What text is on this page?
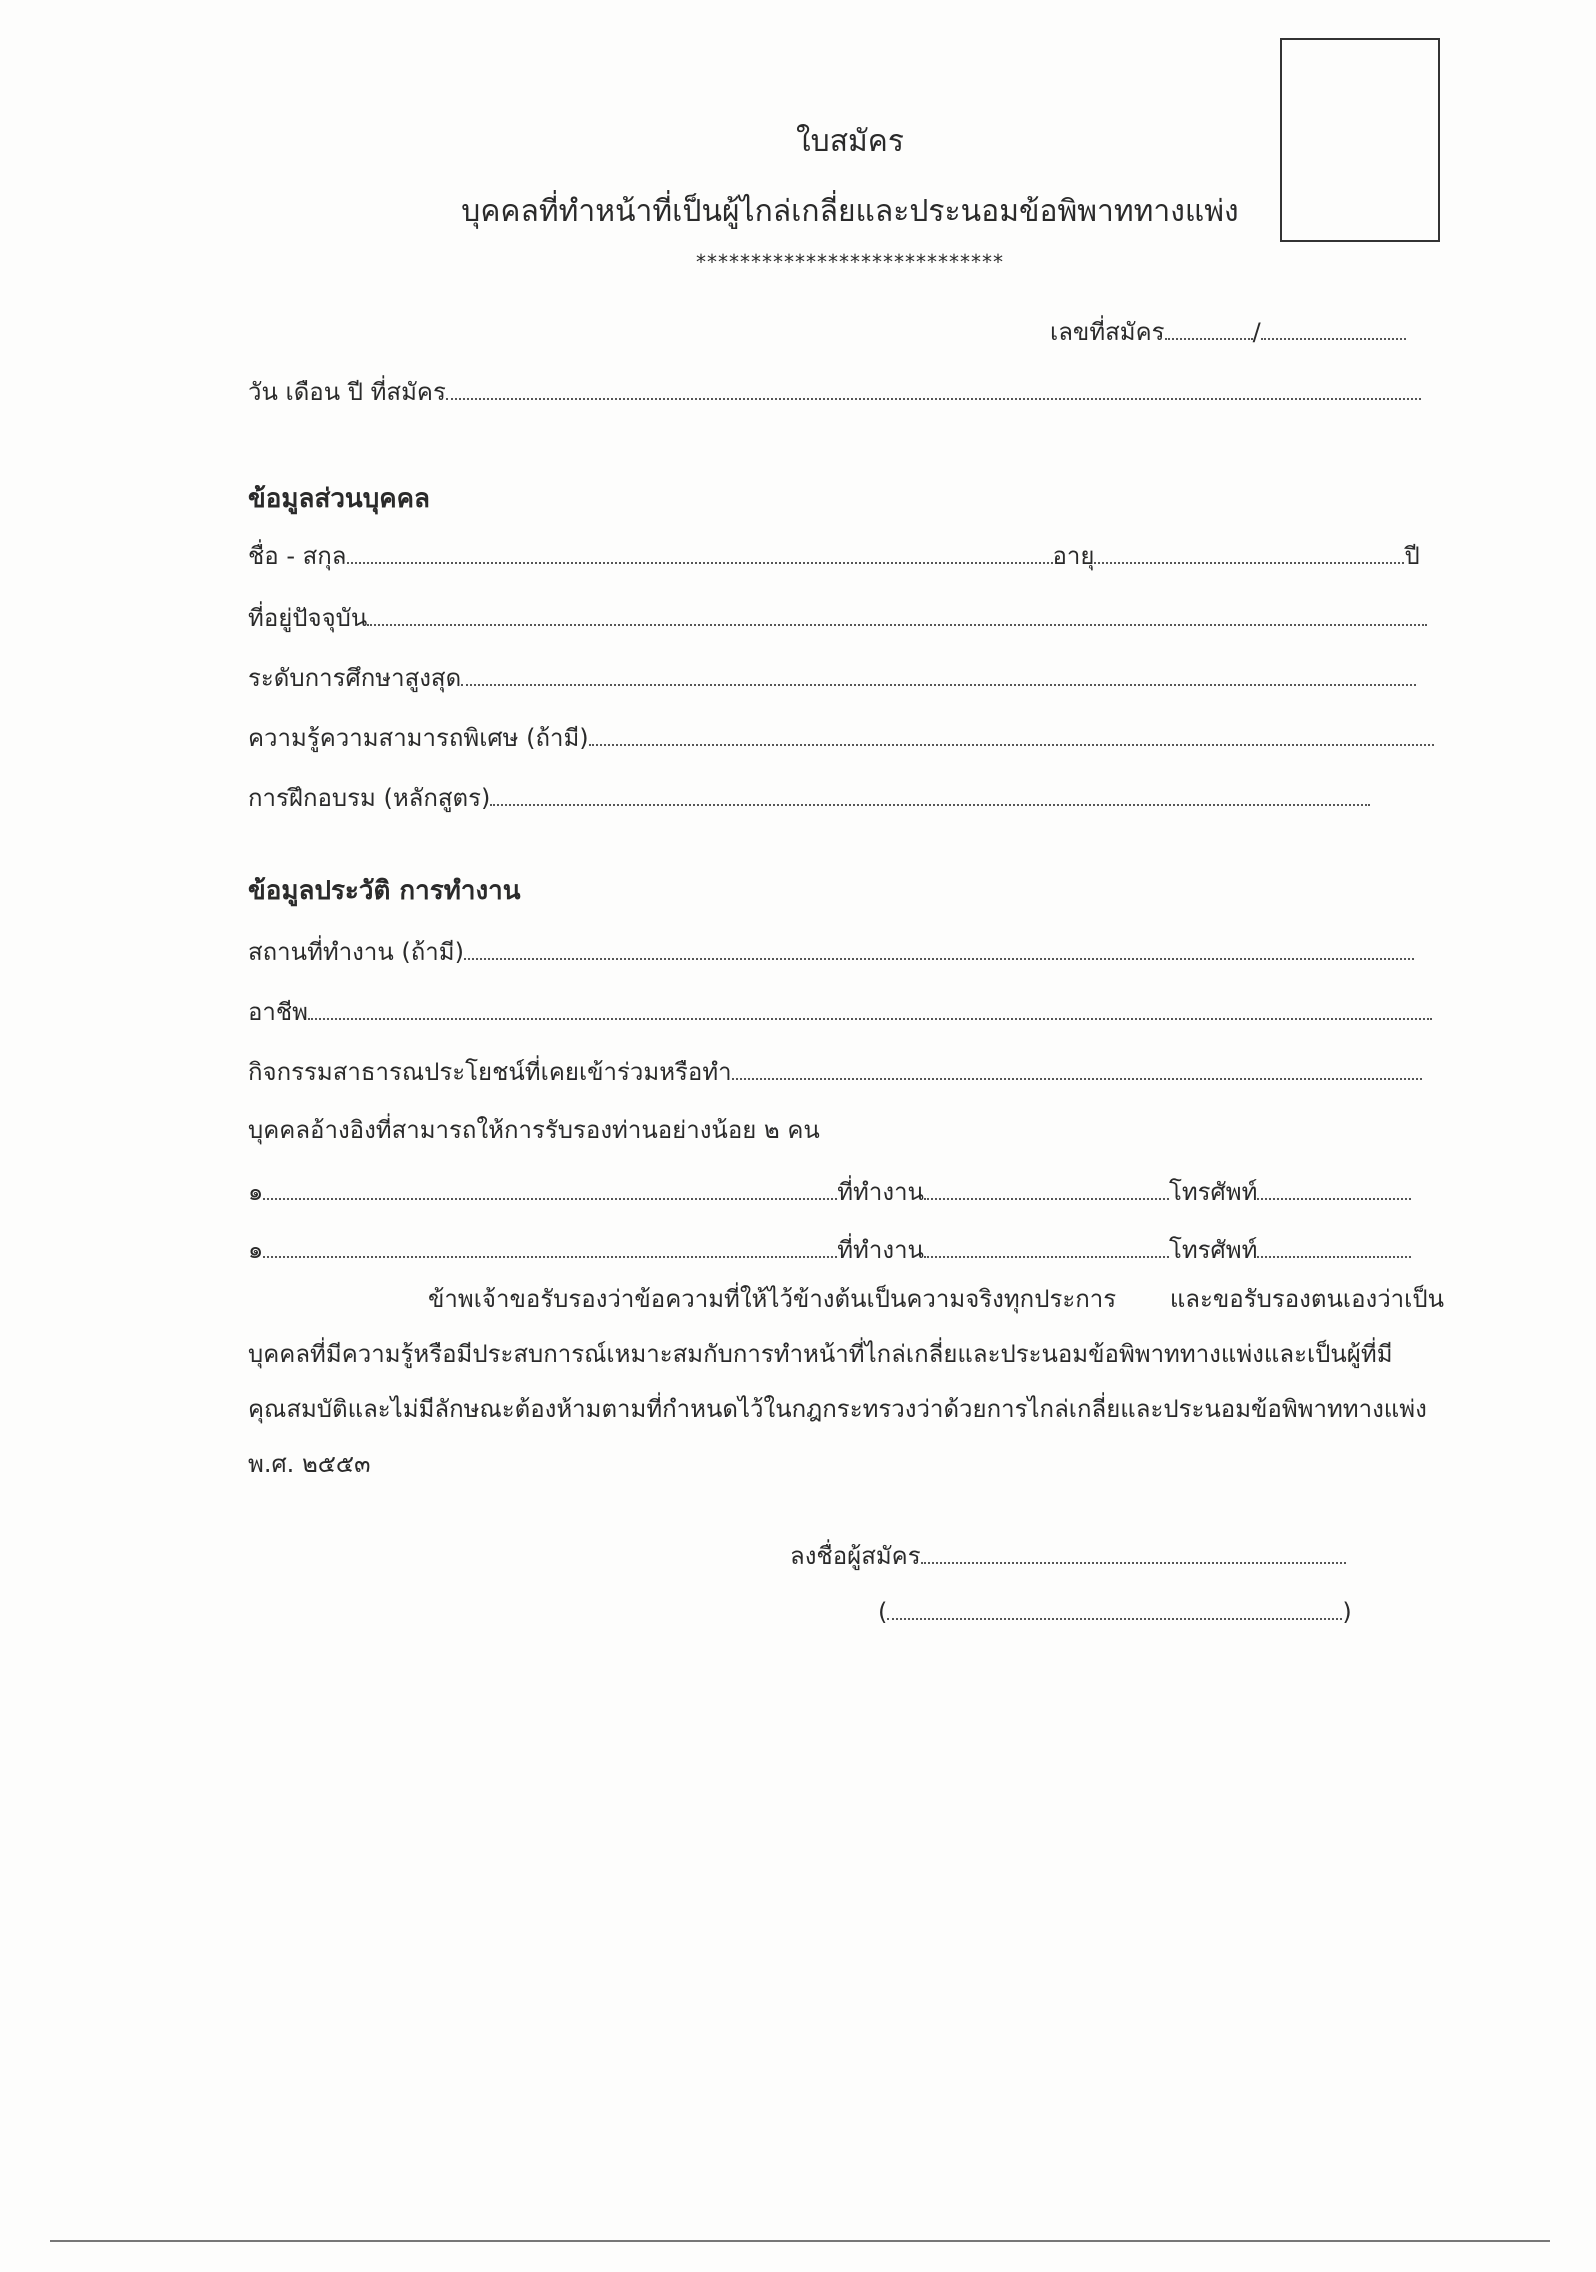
ใบสมัคร
บุคคลที่ทำหน้าที่เป็นผู้ไกล่เกลี่ยและประนอมข้อพิพาททางแพ่ง
****************************
เลขที่สมัคร	/
วัน เดือน ปี ที่สมัคร
ข้อมูลส่วนบุคคล
ชื่อ - สกุล	อายุ	ปี
ที่อยู่ปัจจุบัน
ระดับการศึกษาสูงสุด
ความรู้ความสามารถพิเศษ (ถ้ามี)
การฝึกอบรม (หลักสูตร)
ข้อมูลประวัติ การทำงาน
สถานที่ทำงาน (ถ้ามี)
อาชีพ
กิจกรรมสาธารณประโยชน์ที่เคยเข้าร่วมหรือทำ
บุคคลอ้างอิงที่สามารถให้การรับรองท่านอย่างน้อย ๒ คน
๑	ที่ทำงาน	โทรศัพท์
๑	ที่ทำงาน	โทรศัพท์
ข้าพเจ้าขอรับรองว่าข้อความที่ให้ไว้ข้างต้นเป็นความจริงทุกประการ และขอรับรองตนเองว่าเป็น บุคคลที่มีความรู้หรือมีประสบการณ์เหมาะสมกับการทำหน้าที่ไกล่เกลี่ยและประนอมข้อพิพาททางแพ่งและเป็นผู้ที่มี คุณสมบัติและไม่มีลักษณะต้องห้ามตามที่กำหนดไว้ในกฎกระทรวงว่าด้วยการไกล่เกลี่ยและประนอมข้อพิพาททางแพ่ง พ.ศ. ๒๕๕๓
ลงชื่อผู้สมัคร
(	)
